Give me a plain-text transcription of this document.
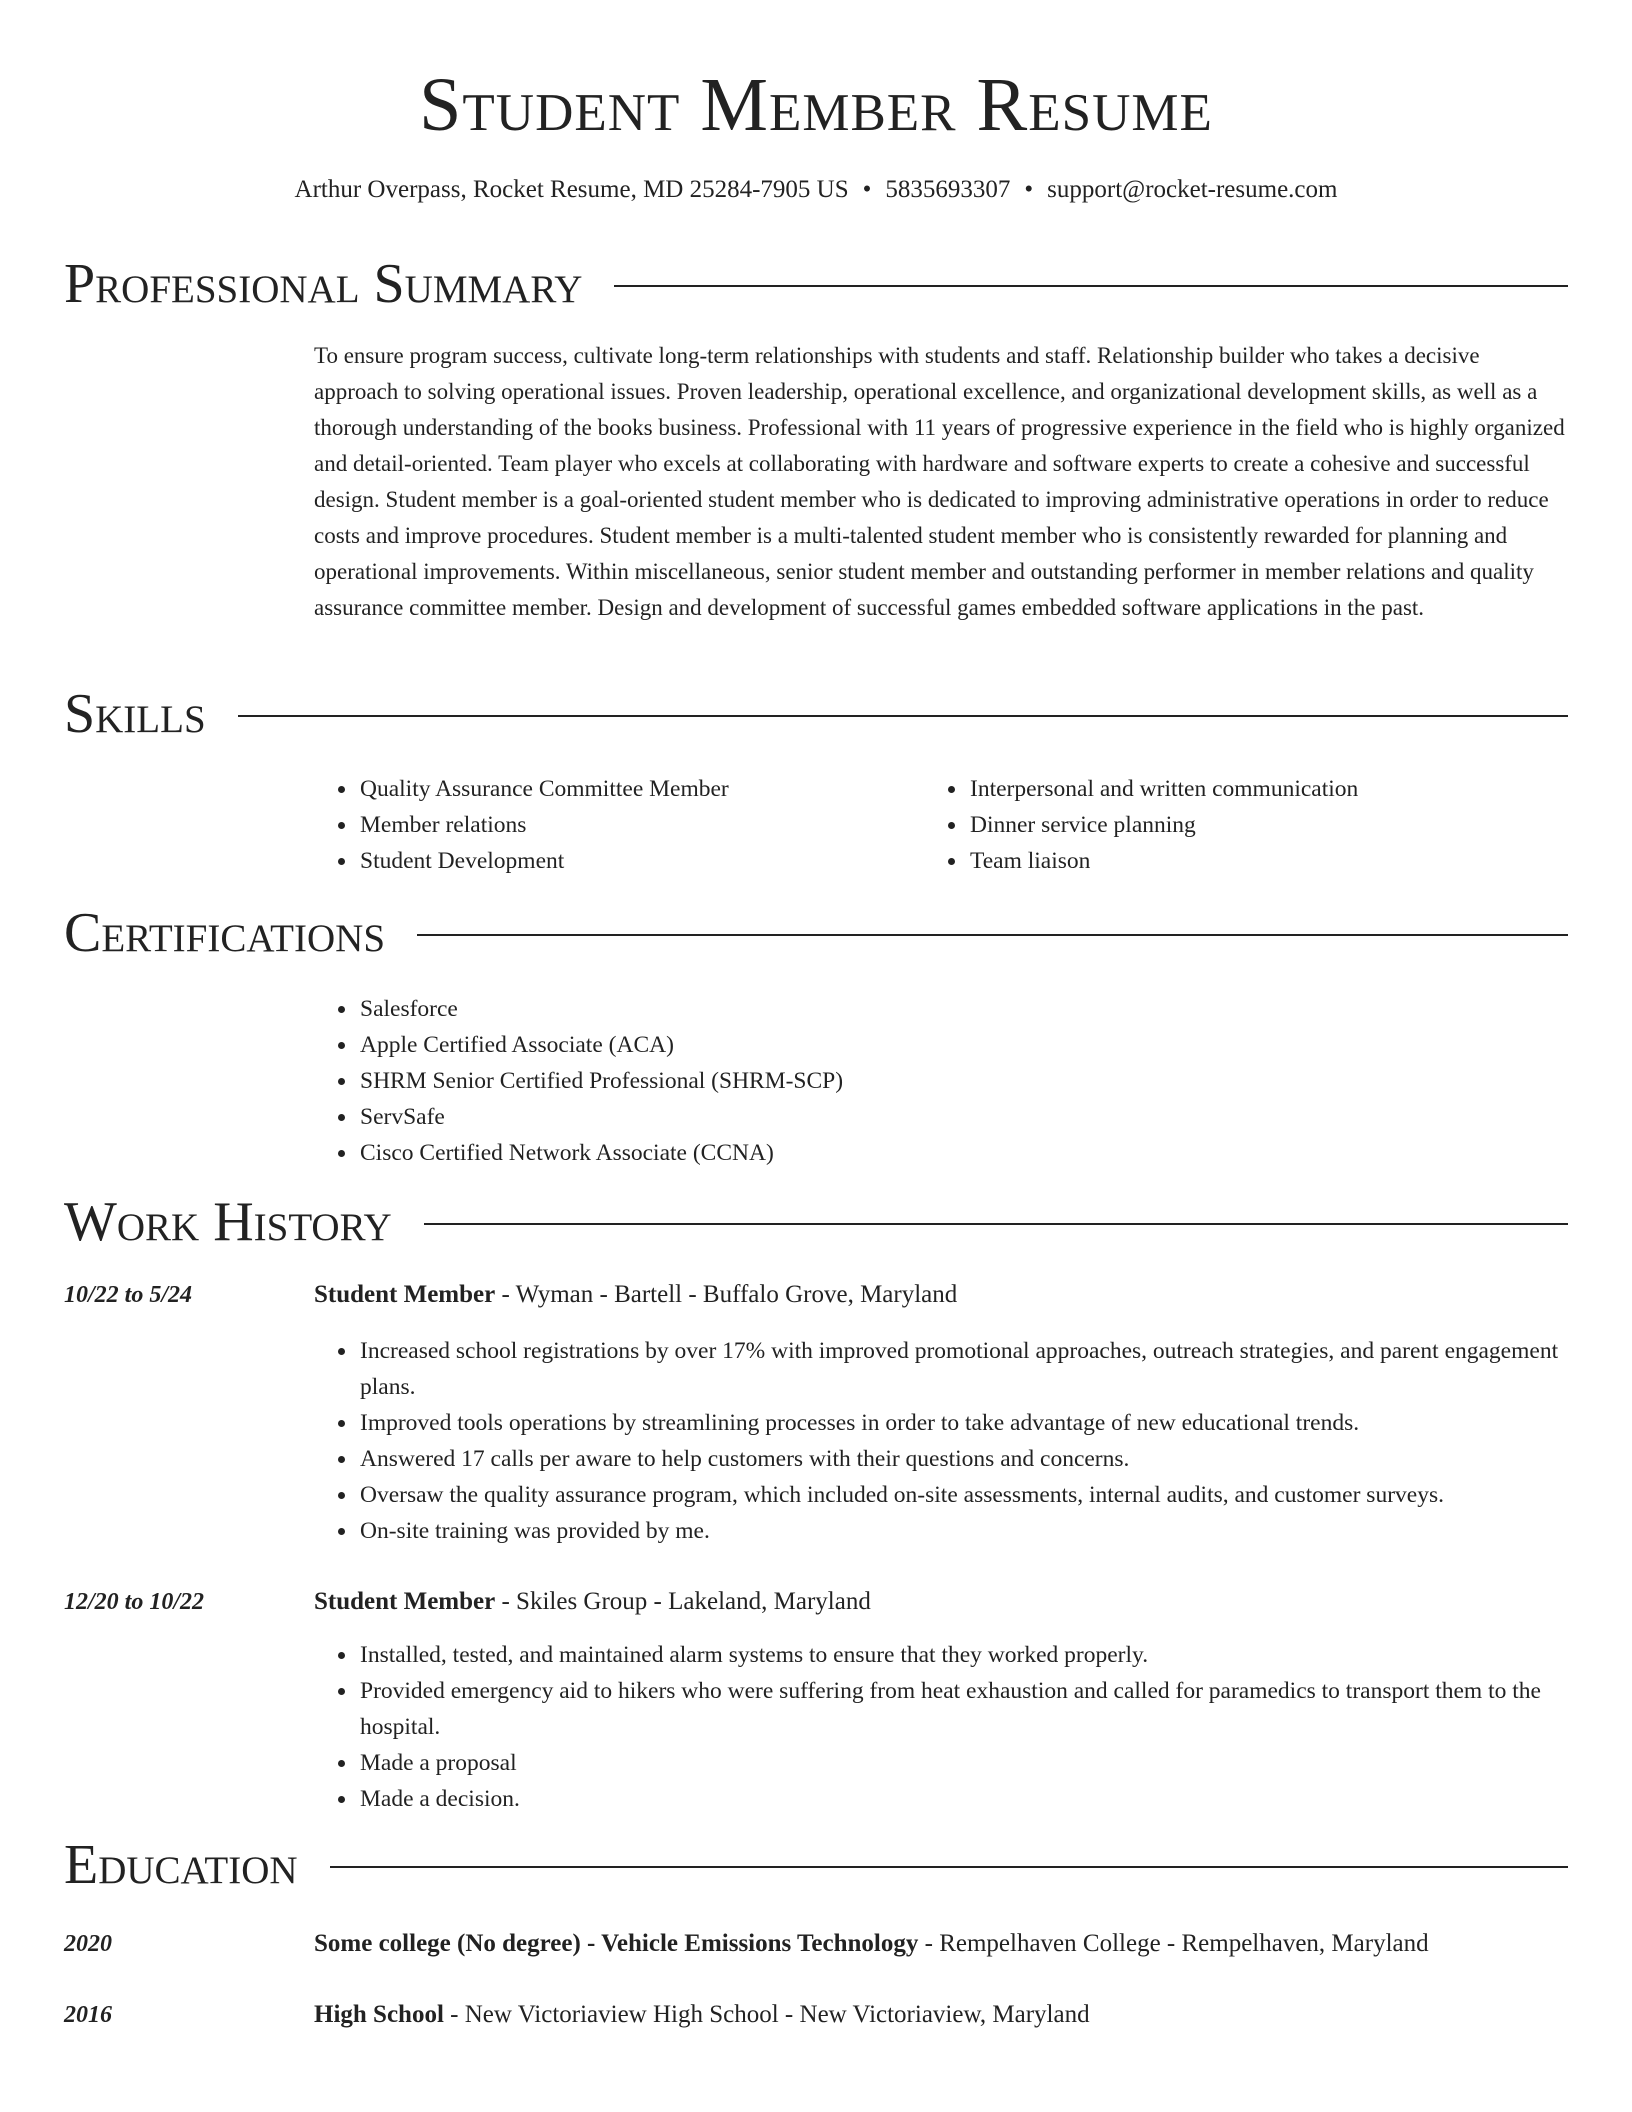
Student Member Resume
Arthur Overpass, Rocket Resume, MD 25284-7905 US • 5835693307 • support@rocket-resume.com
Professional Summary

To ensure program success, cultivate long-term relationships with students and staff. Relationship builder who takes a decisive approach to solving operational issues. Proven leadership, operational excellence, and organizational development skills, as well as a thorough understanding of the books business. Professional with 11 years of progressive experience in the field who is highly organized and detail-oriented. Team player who excels at collaborating with hardware and software experts to create a cohesive and successful design. Student member is a goal-oriented student member who is dedicated to improving administrative operations in order to reduce costs and improve procedures. Student member is a multi-talented student member who is consistently rewarded for planning and operational improvements. Within miscellaneous, senior student member and outstanding performer in member relations and quality assurance committee member. Design and development of successful games embedded software applications in the past.

Skills
• Quality Assurance Committee Member
• Member relations
• Student Development
• Interpersonal and written communication
• Dinner service planning
• Team liaison
Certifications
• Salesforce
• Apple Certified Associate (ACA)
• SHRM Senior Certified Professional (SHRM-SCP)
• ServSafe
• Cisco Certified Network Associate (CCNA)
Work History
10/22 to 5/24	Student Member - Wyman - Bartell - Buffalo Grove, Maryland
• Increased school registrations by over 17% with improved promotional approaches, outreach strategies, and parent engagement plans.
• Improved tools operations by streamlining processes in order to take advantage of new educational trends.
• Answered 17 calls per aware to help customers with their questions and concerns.
• Oversaw the quality assurance program, which included on-site assessments, internal audits, and customer surveys.
• On-site training was provided by me.
12/20 to 10/22	Student Member - Skiles Group - Lakeland, Maryland
• Installed, tested, and maintained alarm systems to ensure that they worked properly.
• Provided emergency aid to hikers who were suffering from heat exhaustion and called for paramedics to transport them to the hospital.
• Made a proposal
• Made a decision.
Education
2020	Some college (No degree) - Vehicle Emissions Technology - Rempelhaven College - Rempelhaven, Maryland
2016	High School - New Victoriaview High School - New Victoriaview, Maryland
